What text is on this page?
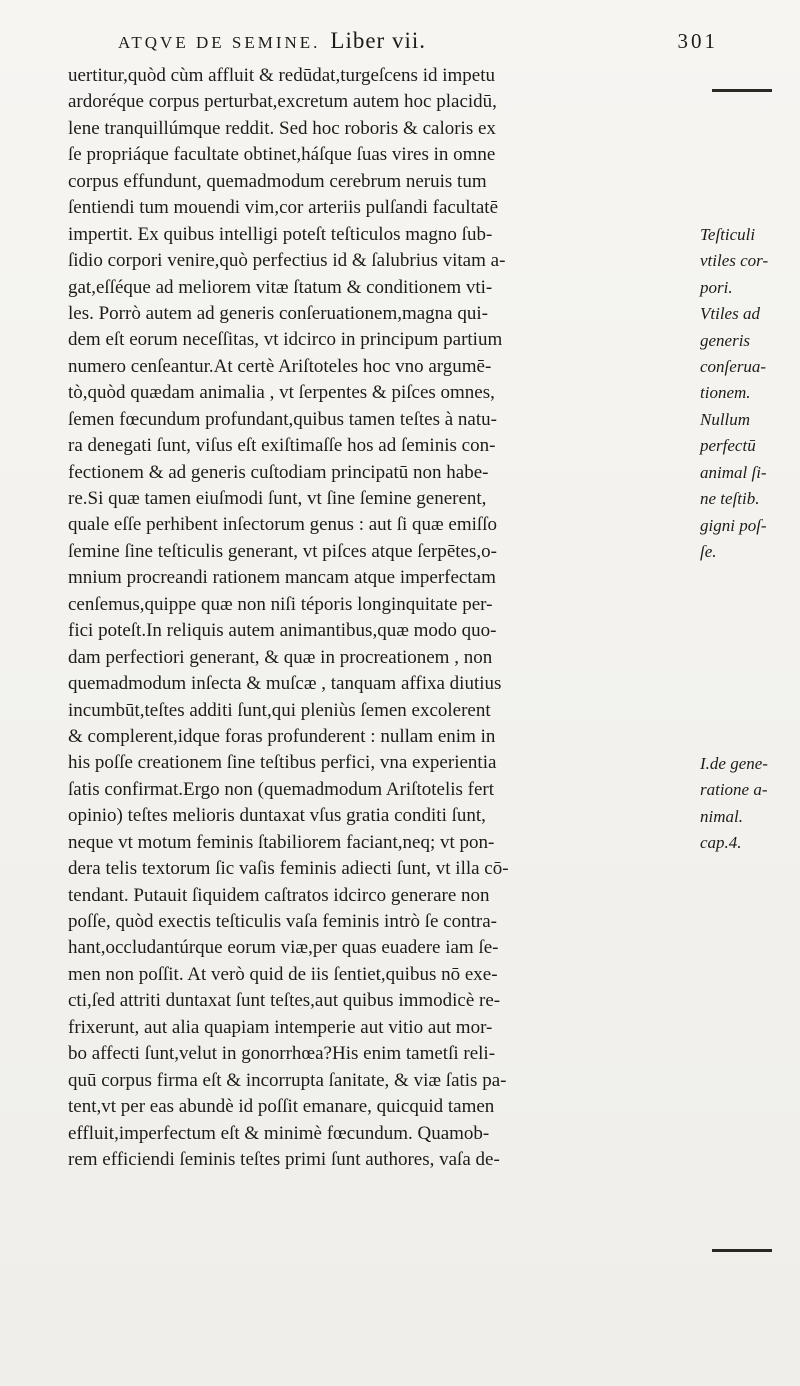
ATQVE DE SEMINE. Liber vii.	301
uertitur,quòd cùm affluit & redūdat,turgeſcens id impetu
ardoréque corpus perturbat,excretum autem hoc placidū,
lene tranquillúmque reddit. Sed hoc roboris & caloris ex
ſe propriáque facultate obtinet,háſque ſuas vires in omne
corpus effundunt, quemadmodum cerebrum neruis tum
ſentiendi tum mouendi vim,cor arteriis pulſandi facultatē
impertit. Ex quibus intelligi poteſt teſticulos magno ſub-
ſidio corpori venire,quò perfectius id & ſalubrius vitam a-
gat,eſſéque ad meliorem vitæ ſtatum & conditionem vti-
les. Porrò autem ad generis conſeruationem,magna qui-
dem eſt eorum neceſſitas, vt idcirco in principum partium
numero cenſeantur.At certè Ariſtoteles hoc vno argumē-
tò,quòd quædam animalia , vt ſerpentes & piſces omnes,
ſemen fœcundum profundant,quibus tamen teſtes à natu-
ra denegati ſunt, viſus eſt exiſtimaſſe hos ad ſeminis con-
fectionem & ad generis cuſtodiam principatū non habe-
re.Si quæ tamen eiuſmodi ſunt, vt ſine ſemine generent,
quale eſſe perhibent inſectorum genus : aut ſi quæ emiſſo
ſemine ſine teſticulis generant, vt piſces atque ſerpētes,o-
mnium procreandi rationem mancam atque imperfectam
cenſemus,quippe quæ non niſi téporis longinquitate per-
fici poteſt.In reliquis autem animantibus,quæ modo quo-
dam perfectiori generant, & quæ in procreationem , non
quemadmodum inſecta & muſcæ , tanquam affixa diutius
incumbūt,teſtes additi ſunt,qui pleniùs ſemen excolerent
& complerent,idque foras profunderent : nullam enim in
his poſſe creationem ſine teſtibus perfici, vna experientia
ſatis confirmat.Ergo non (quemadmodum Ariſtotelis fert
opinio) teſtes melioris duntaxat vſus gratia conditi ſunt,
neque vt motum feminis ſtabiliorem faciant,neq; vt pon-
dera telis textorum ſic vaſis feminis adiecti ſunt, vt illa cō-
tendant. Putauit ſiquidem caſtratos idcirco generare non
poſſe, quòd exectis teſticulis vaſa feminis intrò ſe contra-
hant,occludantúrque eorum viæ,per quas euadere iam ſe-
men non poſſit. At verò quid de iis ſentiet,quibus nō exe-
cti,ſed attriti duntaxat ſunt teſtes,aut quibus immodicè re-
frixerunt, aut alia quapiam intemperie aut vitio aut mor-
bo affecti ſunt,velut in gonorrhœa?His enim tametſi reli-
quū corpus firma eſt & incorrupta ſanitate, & viæ ſatis pa-
tent,vt per eas abundè id poſſit emanare, quicquid tamen
effluit,imperfectum eſt & minimè fœcundum. Quamob-
rem efficiendi ſeminis teſtes primi ſunt authores, vaſa de-
Teſticuli
vtiles cor-
pori.
Vtiles ad
generis
conſerua-
tionem.
Nullum
perfectū
animal ſi-
ne teſtib.
gigni poſ-
ſe.
I.de gene-
ratione a-
nimal.
cap.4.
